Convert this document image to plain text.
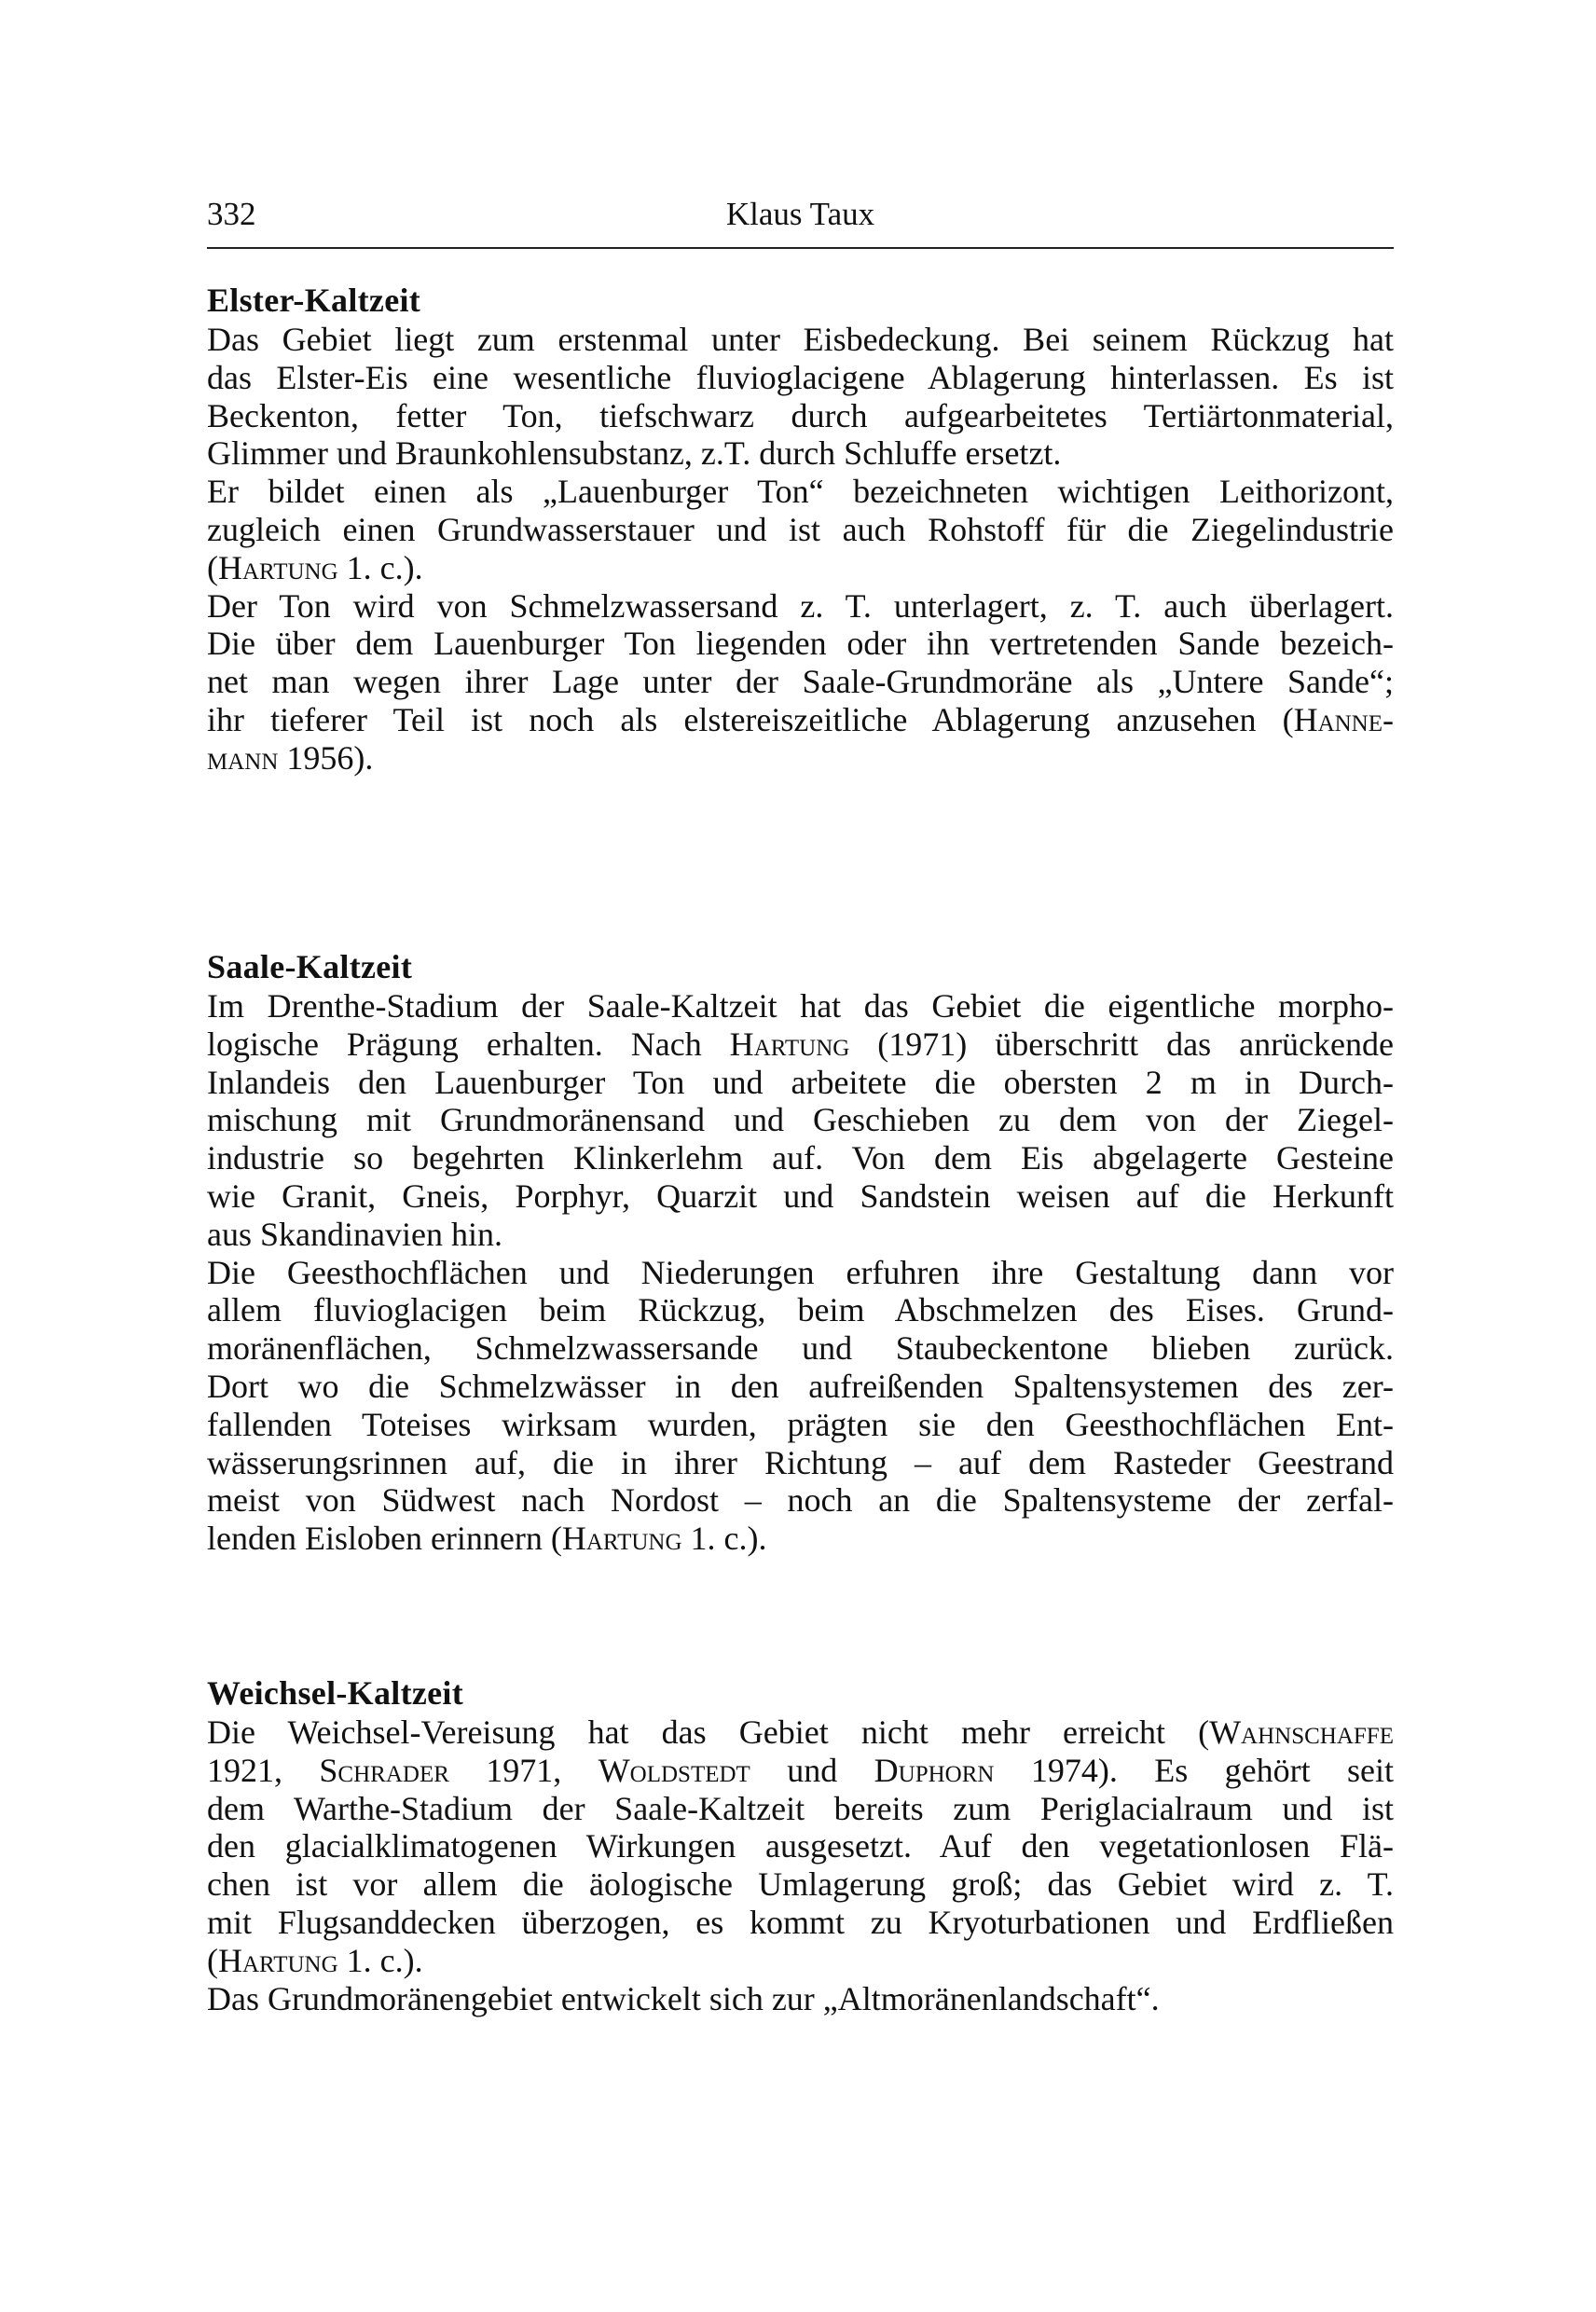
332	Klaus Taux
Elster-Kaltzeit
Das Gebiet liegt zum erstenmal unter Eisbedeckung. Bei seinem Rückzug hat
das Elster-Eis eine wesentliche fluvioglacigene Ablagerung hinterlassen. Es ist
Beckenton, fetter Ton, tiefschwarz durch aufgearbeitetes Tertiärtonmaterial,
Glimmer und Braunkohlensubstanz, z.T. durch Schluffe ersetzt.
Er bildet einen als „Lauenburger Ton“ bezeichneten wichtigen Leithorizont,
zugleich einen Grundwasserstauer und ist auch Rohstoff für die Ziegelindustrie
(Hartung 1. c.).
Der Ton wird von Schmelzwassersand z. T. unterlagert, z. T. auch überlagert.
Die über dem Lauenburger Ton liegenden oder ihn vertretenden Sande bezeich-
net man wegen ihrer Lage unter der Saale-Grundmoräne als „Untere Sande“;
ihr tieferer Teil ist noch als elstereiszeitliche Ablagerung anzusehen (Hanne-
mann 1956).
Saale-Kaltzeit
Im Drenthe-Stadium der Saale-Kaltzeit hat das Gebiet die eigentliche morpho-
logische Prägung erhalten. Nach Hartung (1971) überschritt das anrückende
Inlandeis den Lauenburger Ton und arbeitete die obersten 2 m in Durch-
mischung mit Grundmoränensand und Geschieben zu dem von der Ziegel-
industrie so begehrten Klinkerlehm auf. Von dem Eis abgelagerte Gesteine
wie Granit, Gneis, Porphyr, Quarzit und Sandstein weisen auf die Herkunft
aus Skandinavien hin.
Die Geesthochflächen und Niederungen erfuhren ihre Gestaltung dann vor
allem fluvioglacigen beim Rückzug, beim Abschmelzen des Eises. Grund-
moränenflächen, Schmelzwassersande und Staubeckentone blieben zurück.
Dort wo die Schmelzwässer in den aufreißenden Spaltensystemen des zer-
fallenden Toteises wirksam wurden, prägten sie den Geesthochflächen Ent-
wässerungsrinnen auf, die in ihrer Richtung – auf dem Rasteder Geestrand
meist von Südwest nach Nordost – noch an die Spaltensysteme der zerfal-
lenden Eisloben erinnern (Hartung 1. c.).
Weichsel-Kaltzeit
Die Weichsel-Vereisung hat das Gebiet nicht mehr erreicht (Wahnschaffe
1921, Schrader 1971, Woldstedt und Duphorn 1974). Es gehört seit
dem Warthe-Stadium der Saale-Kaltzeit bereits zum Periglacialraum und ist
den glacialklimatogenen Wirkungen ausgesetzt. Auf den vegetationlosen Flä-
chen ist vor allem die äologische Umlagerung groß; das Gebiet wird z. T.
mit Flugsanddecken überzogen, es kommt zu Kryoturbationen und Erdfließen
(Hartung 1. c.).
Das Grundmoränengebiet entwickelt sich zur „Altmoränenlandschaft“.
